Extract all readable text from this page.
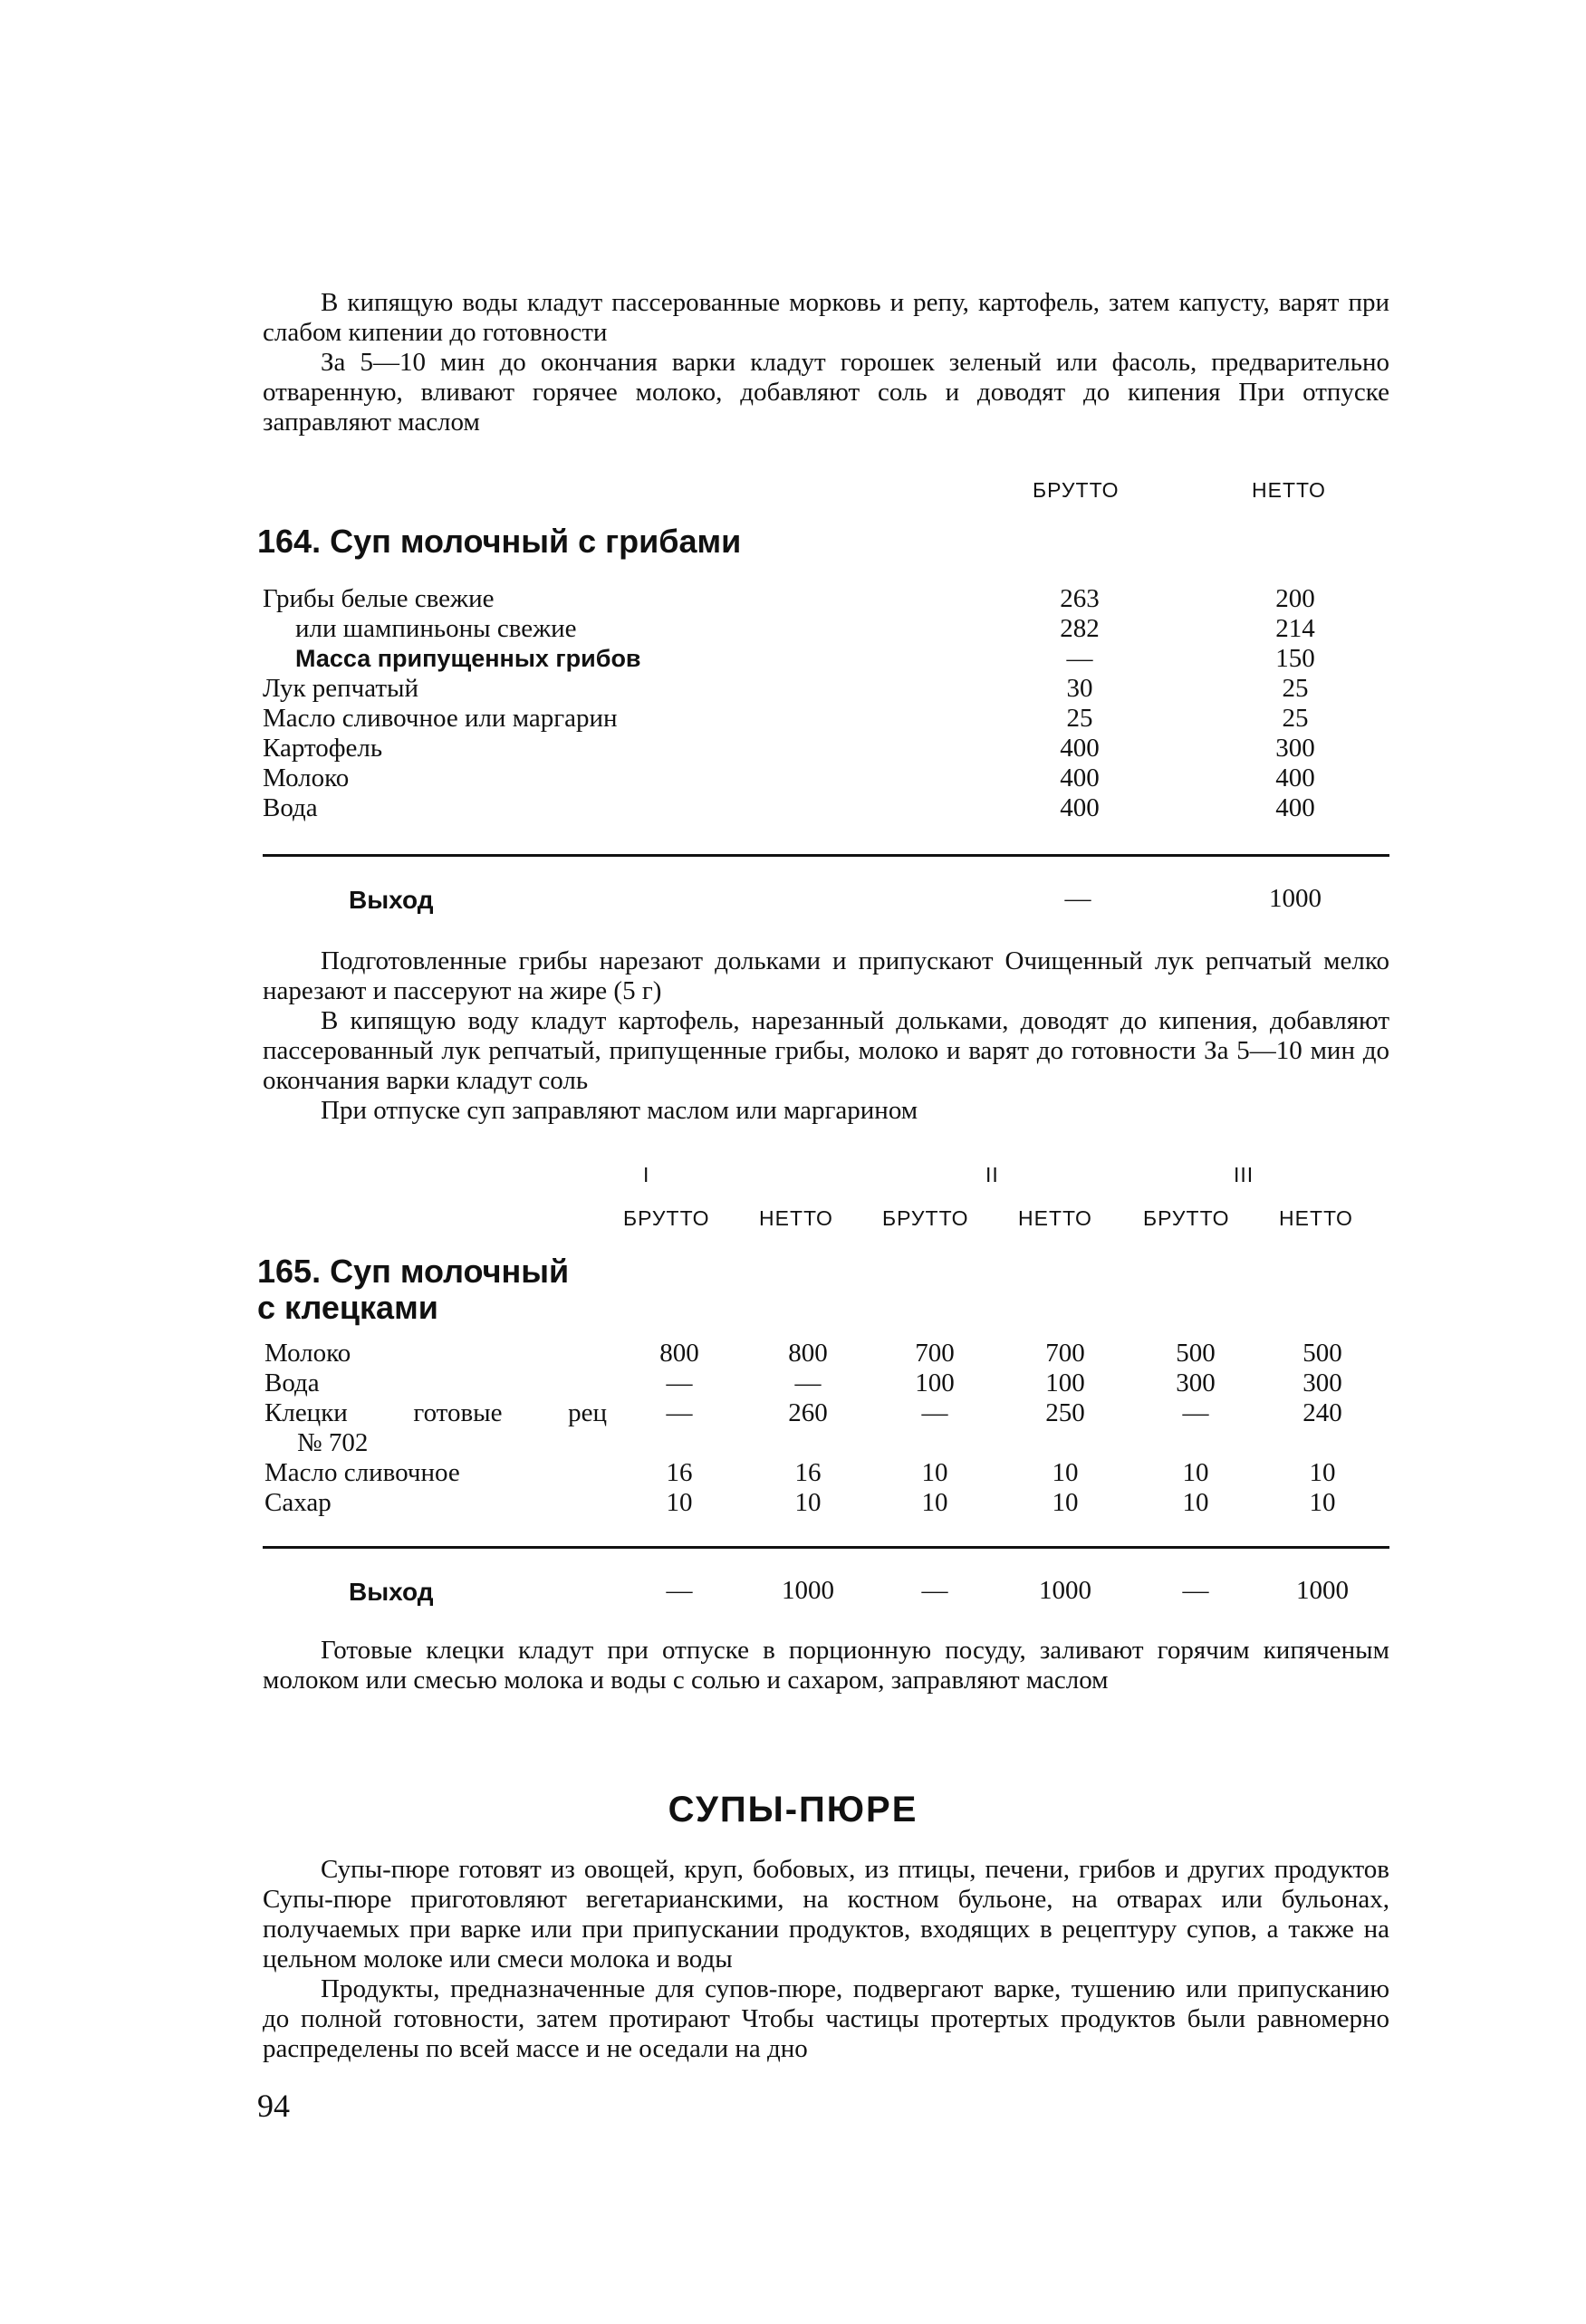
В кипящую воды кладут пассерованные морковь и репу, картофель, затем капусту, варят при слабом кипении до готовности

За 5—10 мин до окончания варки кладут горошек зеленый или фасоль, предварительно отваренную, вливают горячее молоко, добавляют соль и доводят до кипения При отпуске заправляют маслом

БРУТТО	НЕТТО

164. Суп молочный с грибами

Грибы белые свежие	263	200
или шампиньоны свежие	282	214
Масса припущенных грибов	—	150
Лук репчатый	30	25
Масло сливочное или маргарин	25	25
Картофель	400	300
Молоко	400	400
Вода	400	400
Выход	—	1000

Подготовленные грибы нарезают дольками и припускают Очищенный лук репчатый мелко нарезают и пассеруют на жире (5 г)

В кипящую воду кладут картофель, нарезанный дольками, доводят до кипения, добавляют пассерованный лук репчатый, припущенные грибы, молоко и варят до готовности За 5—10 мин до окончания варки кладут соль

При отпуске суп заправляют маслом или маргарином

I	II	III
БРУТТО НЕТТО БРУТТО НЕТТО БРУТТО НЕТТО

165. Суп молочный

с клецками

Молоко	800	800	700	700	500	500
Вода	—	—	100	100	300	300
Клецки готовые рец	—	260	—	250	—	240
№ 702
Масло сливочное	16	16	10	10	10	10
Сахар	10	10	10	10	10	10
Выход	—	1000	—	1000	—	1000

Готовые клецки кладут при отпуске в порционную посуду, заливают горячим кипяченым молоком или смесью молока и воды с солью и сахаром, заправляют маслом

СУПЫ-ПЮРЕ

Супы-пюре готовят из овощей, круп, бобовых, из птицы, печени, грибов и других продуктов Супы-пюре приготовляют вегетарианскими, на костном бульоне, на отварах или бульонах, получаемых при варке или при припускании продуктов, входящих в рецептуру супов, а также на цельном молоке или смеси молока и воды

Продукты, предназначенные для супов-пюре, подвергают варке, тушению или припусканию до полной готовности, затем протирают Чтобы частицы протертых продуктов были равномерно распределены по всей массе и не оседали на дно

94
